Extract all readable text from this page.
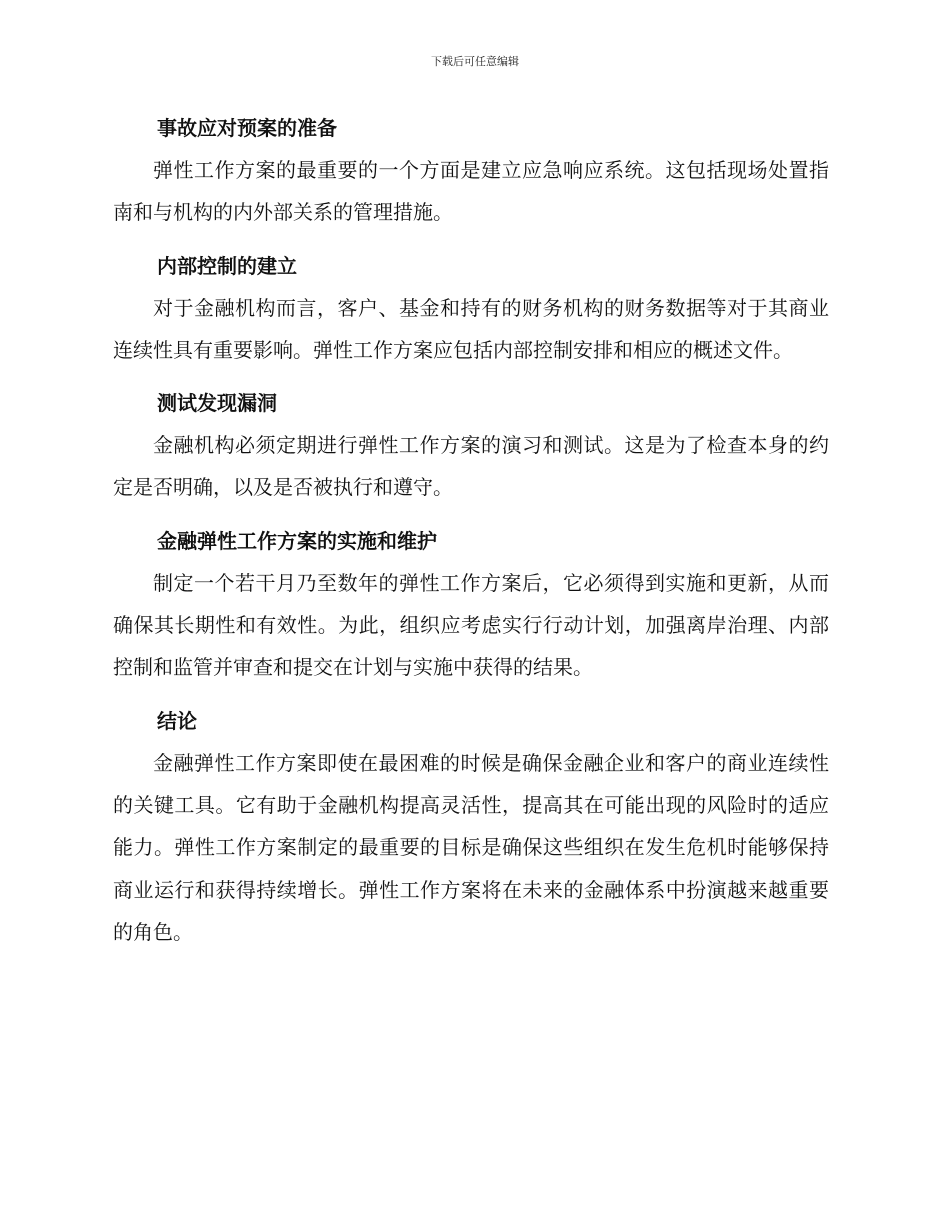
下载后可任意编辑
事故应对预案的准备

弹性工作方案的最重要的一个方面是建立应急响应系统。这包括现场处置指南和与机构的内外部关系的管理措施。

内部控制的建立

对于金融机构而言，客户、基金和持有的财务机构的财务数据等对于其商业连续性具有重要影响。弹性工作方案应包括内部控制安排和相应的概述文件。

测试发现漏洞

金融机构必须定期进行弹性工作方案的演习和测试。这是为了检查本身的约定是否明确，以及是否被执行和遵守。

金融弹性工作方案的实施和维护

制定一个若干月乃至数年的弹性工作方案后，它必须得到实施和更新，从而确保其长期性和有效性。为此，组织应考虑实行行动计划，加强离岸治理、内部控制和监管并审查和提交在计划与实施中获得的结果。

结论

金融弹性工作方案即使在最困难的时候是确保金融企业和客户的商业连续性的关键工具。它有助于金融机构提高灵活性，提高其在可能出现的风险时的适应能力。弹性工作方案制定的最重要的目标是确保这些组织在发生危机时能够保持商业运行和获得持续增长。弹性工作方案将在未来的金融体系中扮演越来越重要的角色。
